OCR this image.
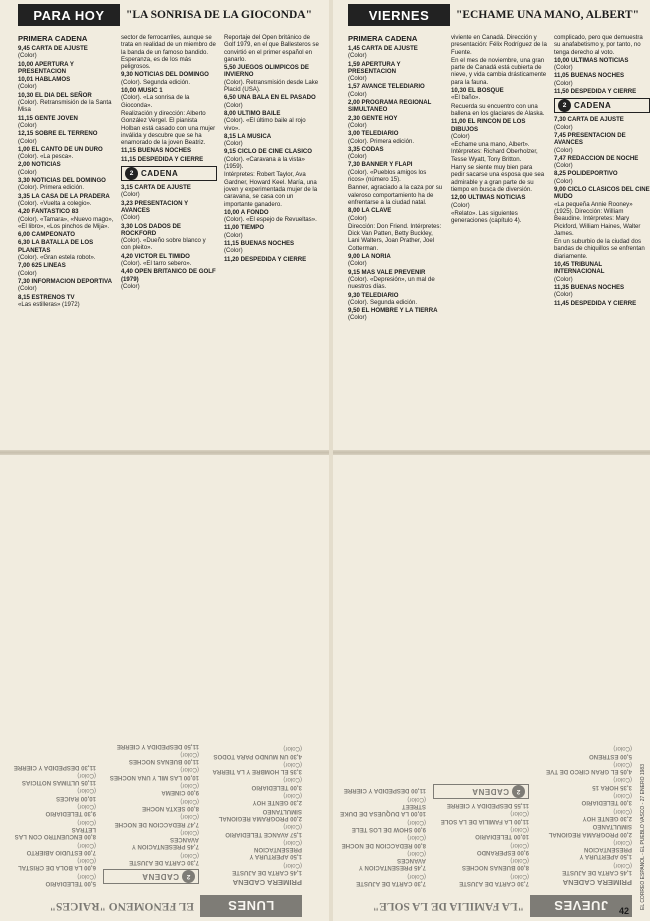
PARA HOY	"LA SONRISA DE LA GIOCONDA"
PRIMERA CADENA
9,45 CARTA DE AJUSTE
(Color)
10,00 APERTURA Y PRESENTACION
10,01 HABLAMOS
(Color)
10,30 EL DIA DEL SEÑOR
(Color). Retransmisión de la Santa Misa
11,15 GENTE JOVEN
(Color)
12,15 SOBRE EL TERRENO
(Color)
1,00 EL CANTO DE UN DURO
(Color). «La pesca».
2,00 NOTICIAS
(Color)
3,30 NOTICIAS DEL DOMINGO
(Color). Primera edición.
3,35 LA CASA DE LA PRADERA
(Color). «Vuelta a colegio».
4,20 FANTASTICO 83
(Color). «Tamara», «Nuevo mago», «El libro», «Los pinchos de Mija».
6,00 CAMPEONATO
6,30 LA BATALLA DE LOS PLANETAS
(Color). «Gran estela robot».
7,00 625 LINEAS
(Color)
7,30 INFORMACION DEPORTIVA
(Color)
8,15 ESTRENOS TV
«Las estilleras» (1972)
sector de ferrocarriles, aunque se trata en realidad de un miembro de la banda de un famoso bandido. Esperanza, es de los más peligrosos.
9,30 NOTICIAS DEL DOMINGO
(Color). Segunda edición.
10,00 MUSIC 1
(Color). «La sonrisa de la Gioconda».
Realización y dirección: Alberto González Vergel. El pianista Holban está casado con una mujer inválida y descubre que se ha enamorado de la joven Beatriz.
11,15 BUENAS NOCHES
11,15 DESPEDIDA Y CIERRE
2 CADENA
3,15 CARTA DE AJUSTE
(Color)
3,23 PRESENTACION Y AVANCES
(Color)
3,30 LOS DADOS DE ROCKFORD
(Color). «Dueño sobre blanco y con pleito».
4,20 VICTOR EL TIMIDO
(Color). «El tarro sebero».
4,40 OPEN BRITANICO DE GOLF (1979)
(Color)
Reportaje del Open británico de Golf 1979, en el que Ballesteros se convirtió en el primer español en ganarlo.
5,50 JUEGOS OLIMPICOS DE INVIERNO
(Color). Retransmisión desde Lake Placid (USA).
6,50 UNA BALA EN EL PASADO
(Color)
8,00 ULTIMO BAILE
(Color). «El último baile al rojo vivo».
8,15 LA MUSICA
(Color)
9,15 CICLO DE CINE CLASICO
(Color). «Caravana a la vista» (1959).
Intérpretes: Robert Taylor, Ava Gardner, Howard Keel. María, una joven y experimentada mujer de la caravana, se casa con un importante ganadero.
10,00 A FONDO
(Color). «El espejo de Revueltas».
11,00 TIEMPO
(Color)
11,15 BUENAS NOCHES
(Color)
11,20 DESPEDIDA Y CIERRE
VIERNES	"ECHAME UNA MANO, ALBERT"
PRIMERA CADENA
1,45 CARTA DE AJUSTE
(Color)
1,59 APERTURA Y PRESENTACION
(Color)
1,57 AVANCE TELEDIARIO
(Color)
2,00 PROGRAMA REGIONAL SIMULTANEO
2,30 GENTE HOY
(Color)
3,00 TELEDIARIO
(Color). Primera edición.
3,35 CODAS
(Color)
7,30 BANNER Y FLAPI
(Color). «Pueblos amigos los ricos» (número 15).
Banner, agraciado a la caza por su valeroso comportamiento ha de enfrentarse a la ciudad natal.
8,00 LA CLAVE
(Color)
Dirección: Don Friend. Intérpretes: Dick Van Patten, Betty Buckley, Lani Walters, Joan Prather, Joel Cotterman.
9,00 LA NORIA
(Color)
9,15 MAS VALE PREVENIR
(Color). «Depresión», un mal de nuestros días.
9,30 TELEDIARIO
(Color). Segunda edición.
9,50 EL HOMBRE Y LA TIERRA
(Color)
viviente en Canadá. Dirección y presentación: Félix Rodríguez de la Fuente.
En el mes de noviembre, una gran parte de Canadá está cubierta de nieve, y vida cambia drásticamente para la fauna.
10,30 EL BOSQUE
«El baño».
Recuerda su encuentro con una ballena en los glaciares de Alaska.
11,00 EL RINCON DE LOS DIBUJOS
(Color)
«Echame una mano, Albert». Intérpretes: Richard Oberholzer, Tesse Wyatt, Tony Britton.
Harry se siente muy bien para pedir sacarse una esposa que sea admirable y a gran parte de su tiempo en busca de diversión.
12,00 ULTIMAS NOTICIAS
(Color)
«Relato». Las siguientes generaciones (capítulo 4).
complicado, pero que demuestra su anafabetismo y, por tanto, no tenga derecho al voto.
10,00 ULTIMAS NOTICIAS
(Color)
11,05 BUENAS NOCHES
(Color)
11,50 DESPEDIDA Y CIERRE
2 CADENA
7,30 CARTA DE AJUSTE
(Color)
7,45 PRESENTACION DE AVANCES
(Color)
7,47 REDACCION DE NOCHE
(Color)
8,25 POLIDEPORTIVO
(Color)
9,00 CICLO CLASICOS DEL CINE MUDO
«La pequeña Annie Rooney» (1925). Dirección: William Beaudine. Intérpretes: Mary Pickford, William Haines, Walter James.
En un suburbio de la ciudad dos bandas de chiquillos se enfrentan diariamente.
10,45 TRIBUNAL INTERNACIONAL
(Color)
11,35 BUENAS NOCHES
(Color)
11,45 DESPEDIDA Y CIERRE
JUEVES
"LA FAMILIA DE LA SOLE"
PRIMERA CADENA
1,45 CARTA DE AJUSTE
(Color)
1,50 APERTURA Y PRESENTACION
(Color)
2,00 PROGRAMA REGIONAL SIMULTANEO
2,30 GENTE HOY
(Color)
3,00 TELEDIARIO
(Color)
3,35 HORA 15
(Color)
4,05 EL GRAN CIRCO DE TVE
(Color)
5,00 ESTRENO
(Color)
7,30 CARTA DE AJUSTE
(Color)
8,00 BUENAS NOCHES
(Color)
9,00 ESPERANDO
(Color)
10,00 TELEDIARIO
(Color)
11,00 LA FAMILIA DE LA SOLE
(Color)
11,55 DESPEDIDA Y CIERRE
2
CADENA
7,30 CARTA DE AJUSTE
(Color)
7,45 PRESENTACION Y AVANCES
(Color)
8,00 REDACCION DE NOCHE
(Color)
9,00 SHOW DE LOS TELE
(Color)
10,00 LA DUQUESA DE DUKE STREET
(Color)
11,00 DESPEDIDA Y CIERRE
LUNES
EL FENOMENO "RAICES"
PRIMERA CADENA
1,45 CARTA DE AJUSTE
(Color)
1,50 APERTURA Y PRESENTACION
(Color)
1,57 AVANCE TELEDIARIO
(Color)
2,00 PROGRAMA REGIONAL SIMULTANEO
2,30 GENTE HOY
(Color)
3,00 TELEDIARIO
(Color)
3,35 EL HOMBRE Y LA TIERRA
(Color)
4,30 UN MUNDO PARA TODOS
(Color)
2
CADENA
7,30 CARTA DE AJUSTE
(Color)
7,45 PRESENTACION Y AVANCES
(Color)
7,47 REDACCION DE NOCHE
(Color)
8,00 SEXTA NOCHE
(Color)
9,00 CINEMA
(Color)
10,00 LAS MIL Y UNA NOCHES
(Color)
11,00 BUENAS NOCHES
(Color)
11,50 DESPEDIDA Y CIERRE
5,00 TELEDIARIO
(Color)
6,00 LA BOLA DE CRISTAL
(Color)
7,00 ESTUDIO ABIERTO
(Color)
8,00 ENCUENTRO CON LAS LETRAS
(Color)
9,30 TELEDIARIO
(Color)
10,00 RAICES
(Color)
11,05 ULTIMAS NOTICIAS
(Color)
11,30 DESPEDIDA Y CIERRE	EL CORREO ESPAÑOL - EL PUEBLO VASCO - 27 ENERO 1983
42
